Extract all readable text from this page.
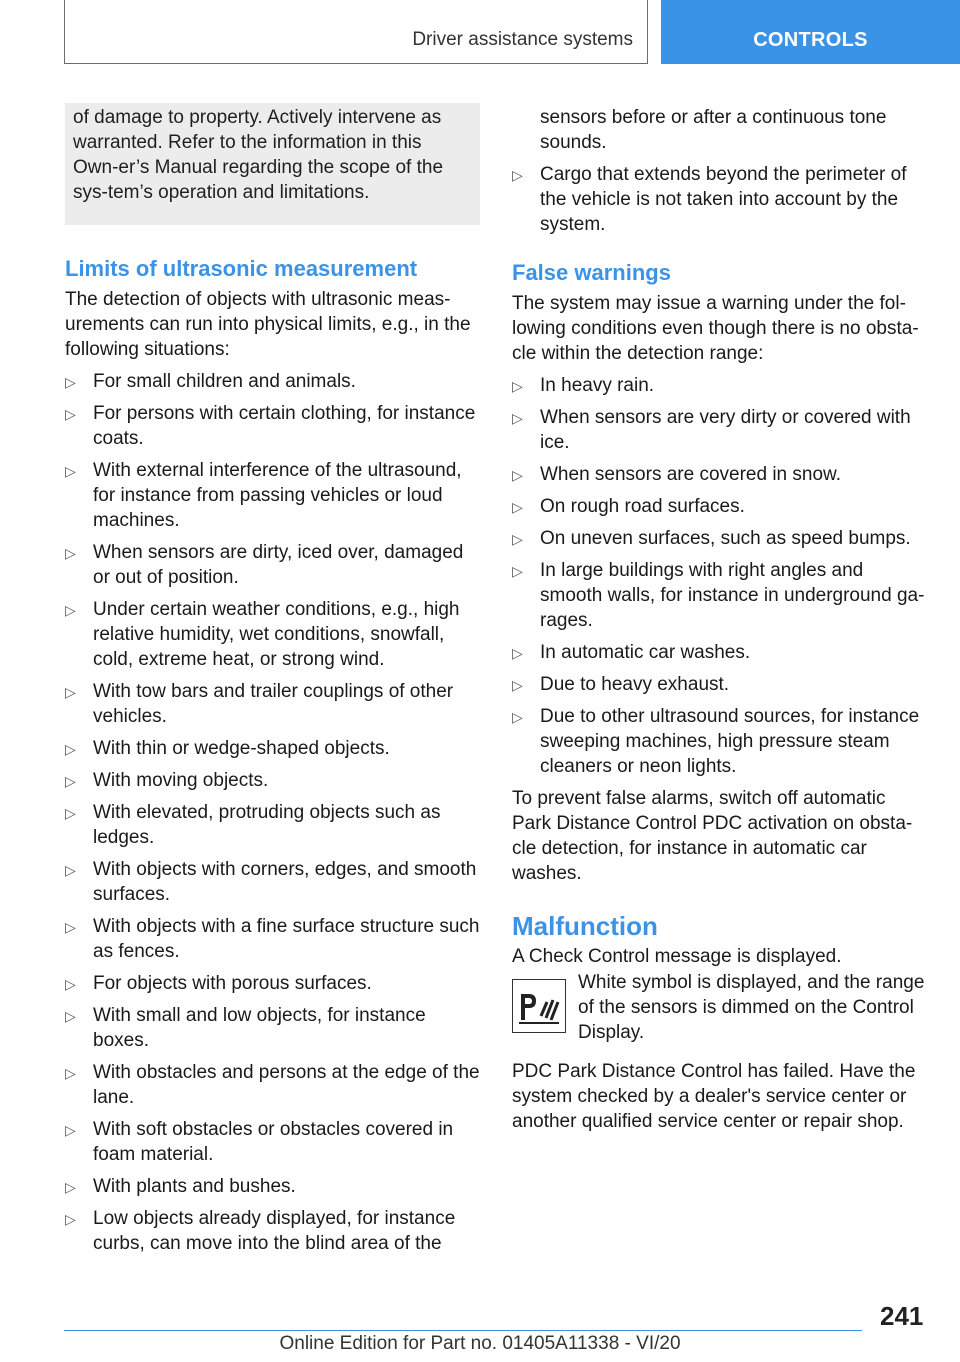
Driver assistance systems	CONTROLS
of damage to property. Actively intervene as warranted. Refer to the information in this Own-er’s Manual regarding the scope of the sys-tem’s operation and limitations.
Limits of ultrasonic measurement

The detection of objects with ultrasonic meas-urements can run into physical limits, e.g., in the following situations:

▷ For small children and animals.
▷ For persons with certain clothing, for instance coats.
▷ With external interference of the ultrasound, for instance from passing vehicles or loud machines.
▷ When sensors are dirty, iced over, damaged or out of position.
▷ Under certain weather conditions, e.g., high relative humidity, wet conditions, snowfall, cold, extreme heat, or strong wind.
▷ With tow bars and trailer couplings of other vehicles.
▷ With thin or wedge-shaped objects.
▷ With moving objects.
▷ With elevated, protruding objects such as ledges.
▷ With objects with corners, edges, and smooth surfaces.
▷ With objects with a fine surface structure such as fences.
▷ For objects with porous surfaces.
▷ With small and low objects, for instance boxes.
▷ With obstacles and persons at the edge of the lane.
▷ With soft obstacles or obstacles covered in foam material.
▷ With plants and bushes.
▷ Low objects already displayed, for instance curbs, can move into the blind area of the

sensors before or after a continuous tone sounds.

▷ Cargo that extends beyond the perimeter of the vehicle is not taken into account by the system.
False warnings

The system may issue a warning under the fol-lowing conditions even though there is no obsta-cle within the detection range:

▷ In heavy rain.
▷ When sensors are very dirty or covered with ice.
▷ When sensors are covered in snow.
▷ On rough road surfaces.
▷ On uneven surfaces, such as speed bumps.
▷ In large buildings with right angles and smooth walls, for instance in underground ga-rages.
▷ In automatic car washes.
▷ Due to heavy exhaust.
▷ Due to other ultrasound sources, for instance sweeping machines, high pressure steam cleaners or neon lights.

To prevent false alarms, switch off automatic Park Distance Control PDC activation on obsta-cle detection, for instance in automatic car washes.

Malfunction

A Check Control message is displayed.

White symbol is displayed, and the range of the sensors is dimmed on the Control Display.

PDC Park Distance Control has failed. Have the system checked by a dealer's service center or another qualified service center or repair shop.

241
Online Edition for Part no. 01405A11338 - VI/20
